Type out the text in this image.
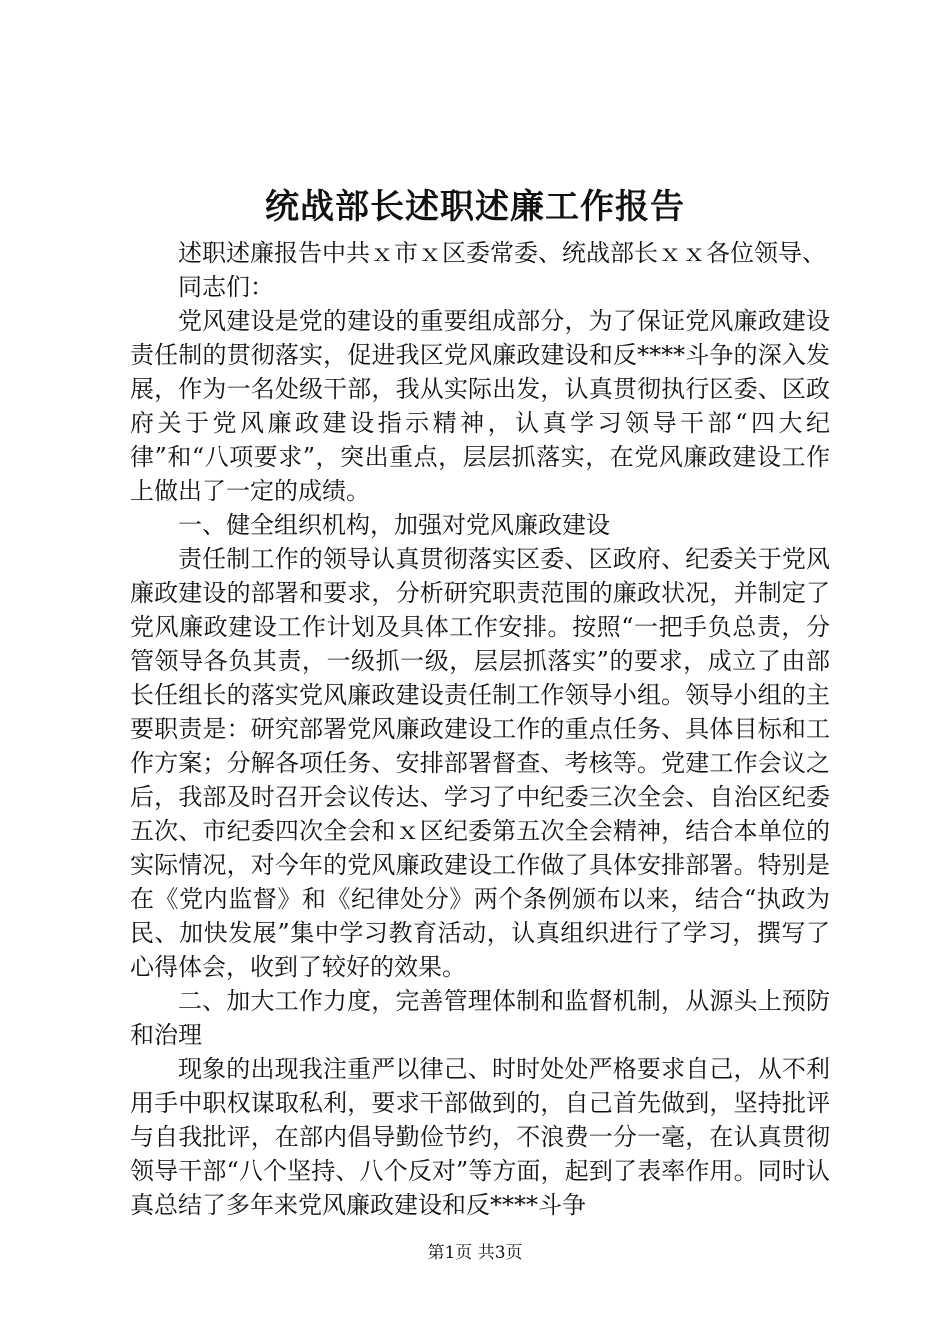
统战部长述职述廉工作报告

述职述廉报告中共ｘ市ｘ区委常委、统战部长ｘｘ各位领导、

同志们：

党风建设是党的建设的重要组成部分，为了保证党风廉政建设责任制的贯彻落实，促进我区党风廉政建设和反****斗争的深入发展，作为一名处级干部，我从实际出发，认真贯彻执行区委、区政府关于党风廉政建设指示精神，认真学习领导干部“四大纪律”和“八项要求”，突出重点，层层抓落实，在党风廉政建设工作上做出了一定的成绩。

一、健全组织机构，加强对党风廉政建设

责任制工作的领导认真贯彻落实区委、区政府、纪委关于党风廉政建设的部署和要求，分析研究职责范围的廉政状况，并制定了党风廉政建设工作计划及具体工作安排。按照“一把手负总责，分管领导各负其责，一级抓一级，层层抓落实”的要求，成立了由部长任组长的落实党风廉政建设责任制工作领导小组。领导小组的主要职责是：研究部署党风廉政建设工作的重点任务、具体目标和工作方案；分解各项任务、安排部署督查、考核等。党建工作会议之后，我部及时召开会议传达、学习了中纪委三次全会、自治区纪委五次、市纪委四次全会和ｘ区纪委第五次全会精神，结合本单位的实际情况，对今年的党风廉政建设工作做了具体安排部署。特别是在《党内监督》和《纪律处分》两个条例颁布以来，结合“执政为民、加快发展”集中学习教育活动，认真组织进行了学习，撰写了心得体会，收到了较好的效果。

二、加大工作力度，完善管理体制和监督机制，从源头上预防和治理

现象的出现我注重严以律己、时时处处严格要求自己，从不利用手中职权谋取私利，要求干部做到的，自己首先做到，坚持批评与自我批评，在部内倡导勤俭节约，不浪费一分一毫，在认真贯彻领导干部“八个坚持、八个反对”等方面，起到了表率作用。同时认真总结了多年来党风廉政建设和反****斗争

第1页 共3页
